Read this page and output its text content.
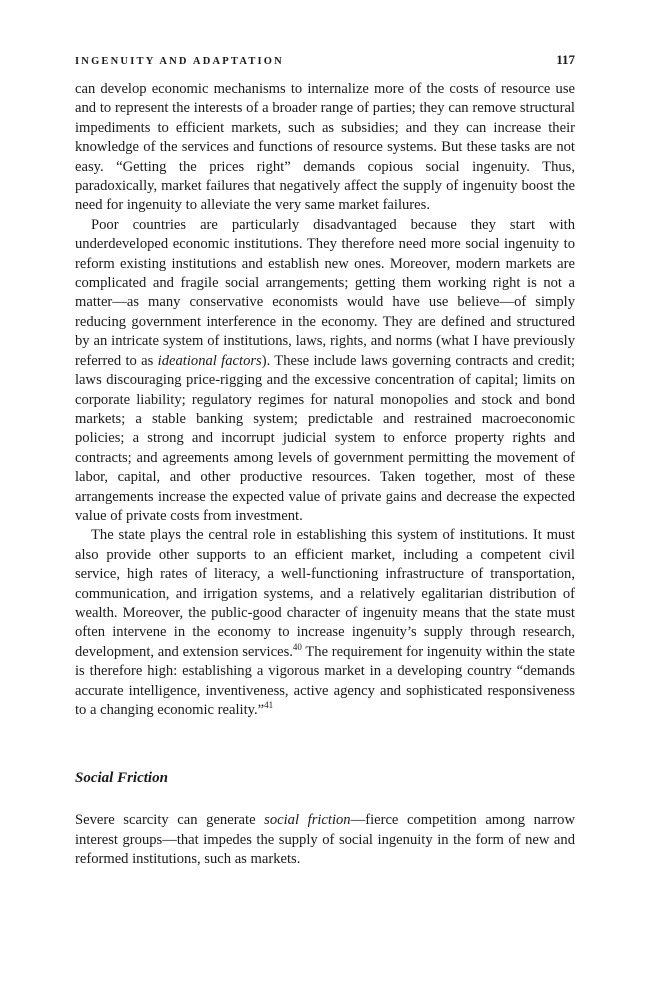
INGENUITY AND ADAPTATION	117

can develop economic mechanisms to internalize more of the costs of resource use and to represent the interests of a broader range of parties; they can remove structural impediments to efficient markets, such as subsidies; and they can increase their knowledge of the services and functions of resource systems. But these tasks are not easy. “Getting the prices right” demands copious social ingenuity. Thus, paradoxically, market failures that negatively affect the supply of ingenuity boost the need for ingenuity to alleviate the very same market failures.

Poor countries are particularly disadvantaged because they start with underdeveloped economic institutions. They therefore need more social ingenuity to reform existing institutions and establish new ones. Moreover, modern markets are complicated and fragile social arrangements; getting them working right is not a matter—as many conservative economists would have use believe—of simply reducing government interference in the economy. They are defined and structured by an intricate system of institutions, laws, rights, and norms (what I have previously referred to as ideational factors). These include laws governing contracts and credit; laws discouraging price-rigging and the excessive concentration of capital; limits on corporate liability; regulatory regimes for natural monopolies and stock and bond markets; a stable banking system; predictable and restrained macroeconomic policies; a strong and incorrupt judicial system to enforce property rights and contracts; and agreements among levels of government permitting the movement of labor, capital, and other productive resources. Taken together, most of these arrangements increase the expected value of private gains and decrease the expected value of private costs from investment.

The state plays the central role in establishing this system of institutions. It must also provide other supports to an efficient market, including a competent civil service, high rates of literacy, a well-functioning infrastructure of transportation, communication, and irrigation systems, and a relatively egalitarian distribution of wealth. Moreover, the public-good character of ingenuity means that the state must often intervene in the economy to increase ingenuity’s supply through research, development, and extension services.$^{40}$ The requirement for ingenuity within the state is therefore high: establishing a vigorous market in a developing country “demands accurate intelligence, inventiveness, active agency and sophisticated responsiveness to a changing economic reality.”$^{41}$

Social Friction

Severe scarcity can generate social friction—fierce competition among narrow interest groups—that impedes the supply of social ingenuity in the form of new and reformed institutions, such as markets.
